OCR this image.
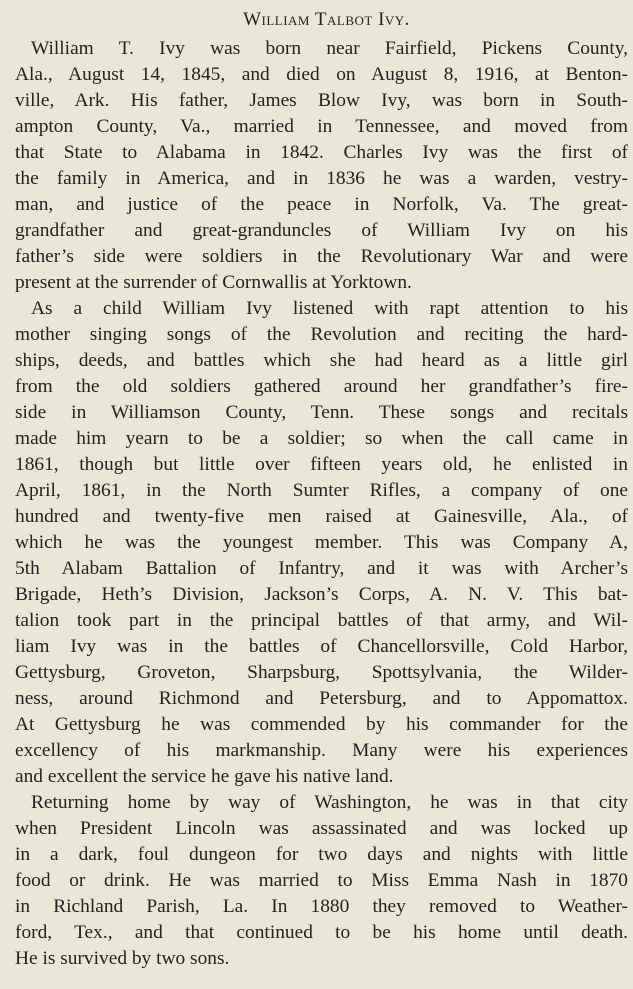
William Talbot Ivy.

William T. Ivy was born near Fairfield, Pickens County,
Ala., August 14, 1845, and died on August 8, 1916, at Benton-
ville, Ark. His father, James Blow Ivy, was born in South-
ampton County, Va., married in Tennessee, and moved from
that State to Alabama in 1842. Charles Ivy was the first of
the family in America, and in 1836 he was a warden, vestry-
man, and justice of the peace in Norfolk, Va. The great-
grandfather and great-granduncles of William Ivy on his
father’s side were soldiers in the Revolutionary War and were
present at the surrender of Cornwallis at Yorktown.

As a child William Ivy listened with rapt attention to his
mother singing songs of the Revolution and reciting the hard-
ships, deeds, and battles which she had heard as a little girl
from the old soldiers gathered around her grandfather’s fire-
side in Williamson County, Tenn. These songs and recitals
made him yearn to be a soldier; so when the call came in
1861, though but little over fifteen years old, he enlisted in
April, 1861, in the North Sumter Rifles, a company of one
hundred and twenty-five men raised at Gainesville, Ala., of
which he was the youngest member. This was Company A,
5th Alabam Battalion of Infantry, and it was with Archer’s
Brigade, Heth’s Division, Jackson’s Corps, A. N. V. This bat-
talion took part in the principal battles of that army, and Wil-
liam Ivy was in the battles of Chancellorsville, Cold Harbor,
Gettysburg, Groveton, Sharpsburg, Spottsylvania, the Wilder-
ness, around Richmond and Petersburg, and to Appomattox.
At Gettysburg he was commended by his commander for the
excellency of his markmanship. Many were his experiences
and excellent the service he gave his native land.

Returning home by way of Washington, he was in that city
when President Lincoln was assassinated and was locked up
in a dark, foul dungeon for two days and nights with little
food or drink. He was married to Miss Emma Nash in 1870
in Richland Parish, La. In 1880 they removed to Weather-
ford, Tex., and that continued to be his home until death.
He is survived by two sons.
